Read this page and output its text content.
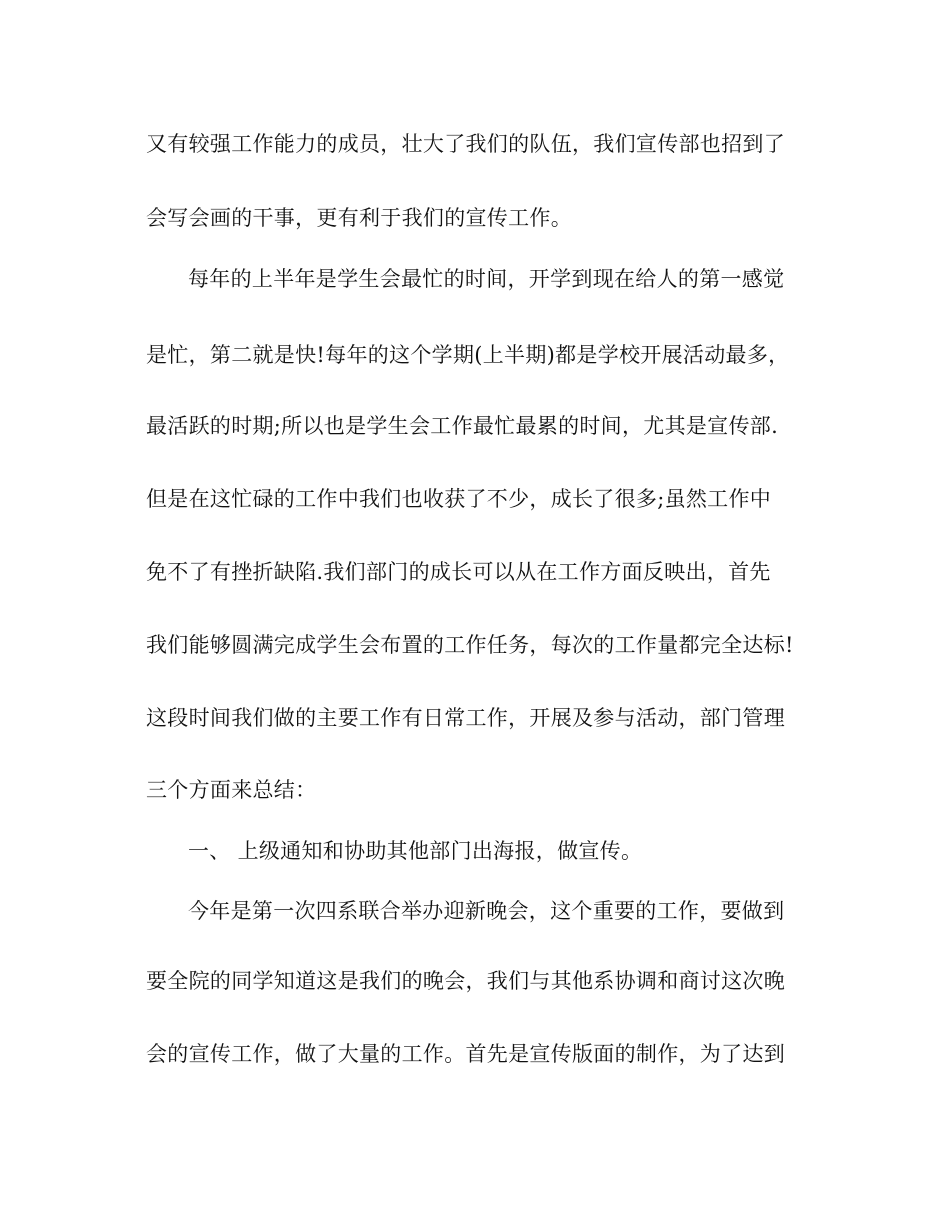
又有较强工作能力的成员，壮大了我们的队伍，我们宣传部也招到了
会写会画的干事，更有利于我们的宣传工作。
每年的上半年是学生会最忙的时间，开学到现在给人的第一感觉
是忙，第二就是快!每年的这个学期(上半期)都是学校开展活动最多，
最活跃的时期;所以也是学生会工作最忙最累的时间，尤其是宣传部.
但是在这忙碌的工作中我们也收获了不少，成长了很多;虽然工作中
免不了有挫折缺陷.我们部门的成长可以从在工作方面反映出，首先
我们能够圆满完成学生会布置的工作任务，每次的工作量都完全达标!
这段时间我们做的主要工作有日常工作，开展及参与活动，部门管理
三个方面来总结：
一、 上级通知和协助其他部门出海报，做宣传。
今年是第一次四系联合举办迎新晚会，这个重要的工作，要做到
要全院的同学知道这是我们的晚会，我们与其他系协调和商讨这次晚
会的宣传工作，做了大量的工作。首先是宣传版面的制作，为了达到
